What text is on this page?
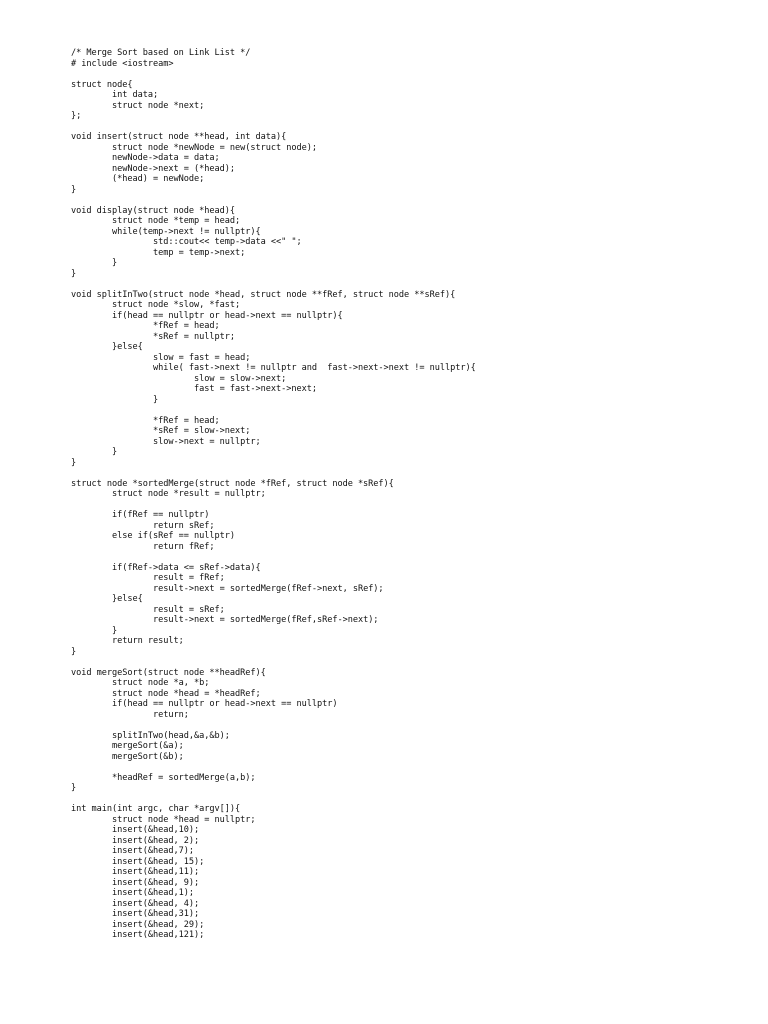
/* Merge Sort based on Link List */
# include <iostream>
struct node{
	int data;
	struct node *next;
};
void insert(struct node **head, int data){
	struct node *newNode = new(struct node);
	newNode->data = data;
	newNode->next = (*head);
	(*head) = newNode;
}
void display(struct node *head){
	struct node *temp = head;
	while(temp->next != nullptr){
		std::cout<< temp->data <<" ";
		temp = temp->next;
	}
}
void splitInTwo(struct node *head, struct node **fRef, struct node **sRef){
	struct node *slow, *fast;
	if(head == nullptr or head->next == nullptr){
		*fRef = head;
		*sRef = nullptr;
	}else{
		slow = fast = head;
		while( fast->next != nullptr and  fast->next->next != nullptr){
			slow = slow->next;
			fast = fast->next->next;
		}
		*fRef = head;
		*sRef = slow->next;
		slow->next = nullptr;
	}
}
struct node *sortedMerge(struct node *fRef, struct node *sRef){
	struct node *result = nullptr;
	if(fRef == nullptr)
		return sRef;
	else if(sRef == nullptr)
		return fRef;
	if(fRef->data <= sRef->data){
		result = fRef;
		result->next = sortedMerge(fRef->next, sRef);
	}else{
		result = sRef;
		result->next = sortedMerge(fRef,sRef->next);
	}
	return result;
}
void mergeSort(struct node **headRef){
	struct node *a, *b;
	struct node *head = *headRef;
	if(head == nullptr or head->next == nullptr)
		return;
	splitInTwo(head,&a,&b);
	mergeSort(&a);
	mergeSort(&b);
	*headRef = sortedMerge(a,b);
}
int main(int argc, char *argv[]){
	struct node *head = nullptr;
	insert(&head,10);
	insert(&head, 2);
	insert(&head,7);
	insert(&head, 15);
	insert(&head,11);
	insert(&head, 9);
	insert(&head,1);
	insert(&head, 4);
	insert(&head,31);
	insert(&head, 29);
	insert(&head,121);
